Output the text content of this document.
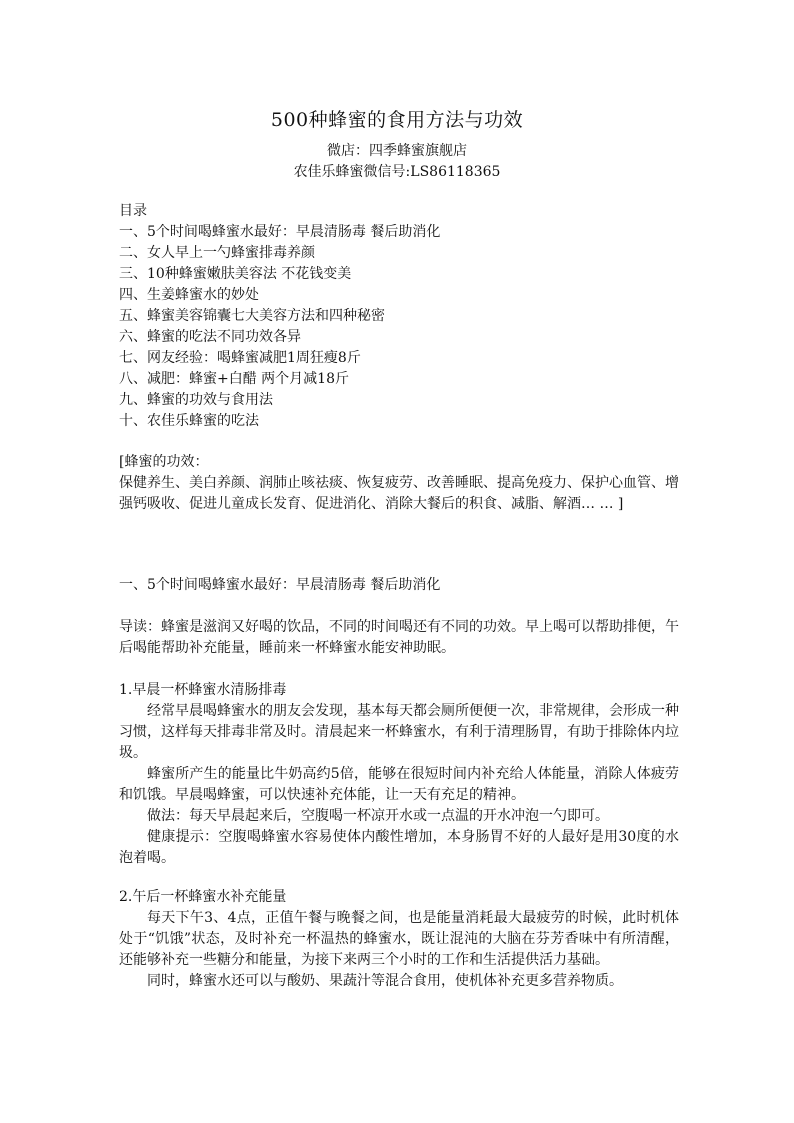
500种蜂蜜的食用方法与功效
微店：四季蜂蜜旗舰店
农佳乐蜂蜜微信号:LS86118365
目录
一、5个时间喝蜂蜜水最好：早晨清肠毒 餐后助消化
二、女人早上一勺蜂蜜排毒养颜
三、10种蜂蜜嫩肤美容法 不花钱变美
四、生姜蜂蜜水的妙处
五、蜂蜜美容锦囊七大美容方法和四种秘密
六、蜂蜜的吃法不同功效各异
七、网友经验：喝蜂蜜减肥1周狂瘦8斤
八、减肥：蜂蜜+白醋 两个月减18斤
九、蜂蜜的功效与食用法
十、农佳乐蜂蜜的吃法
[蜂蜜的功效：

保健养生、美白养颜、润肺止咳祛痰、恢复疲劳、改善睡眠、提高免疫力、保护心血管、增强钙吸收、促进儿童成长发育、促进消化、消除大餐后的积食、减脂、解酒… … ]

一、5个时间喝蜂蜜水最好：早晨清肠毒 餐后助消化
导读：蜂蜜是滋润又好喝的饮品，不同的时间喝还有不同的功效。早上喝可以帮助排便，午后喝能帮助补充能量，睡前来一杯蜂蜜水能安神助眠。
1.早晨一杯蜂蜜水清肠排毒

经常早晨喝蜂蜜水的朋友会发现，基本每天都会厕所便便一次，非常规律，会形成一种习惯，这样每天排毒非常及时。清晨起来一杯蜂蜜水，有利于清理肠胃，有助于排除体内垃圾。

蜂蜜所产生的能量比牛奶高约5倍，能够在很短时间内补充给人体能量，消除人体疲劳和饥饿。早晨喝蜂蜜，可以快速补充体能，让一天有充足的精神。

做法：每天早晨起来后，空腹喝一杯凉开水或一点温的开水冲泡一勺即可。

健康提示：空腹喝蜂蜜水容易使体内酸性增加，本身肠胃不好的人最好是用30度的水泡着喝。

2.午后一杯蜂蜜水补充能量

每天下午3、4点，正值午餐与晚餐之间，也是能量消耗最大最疲劳的时候，此时机体处于“饥饿”状态，及时补充一杯温热的蜂蜜水，既让混沌的大脑在芬芳香味中有所清醒，还能够补充一些糖分和能量，为接下来两三个小时的工作和生活提供活力基础。

同时，蜂蜜水还可以与酸奶、果蔬汁等混合食用，使机体补充更多营养物质。
